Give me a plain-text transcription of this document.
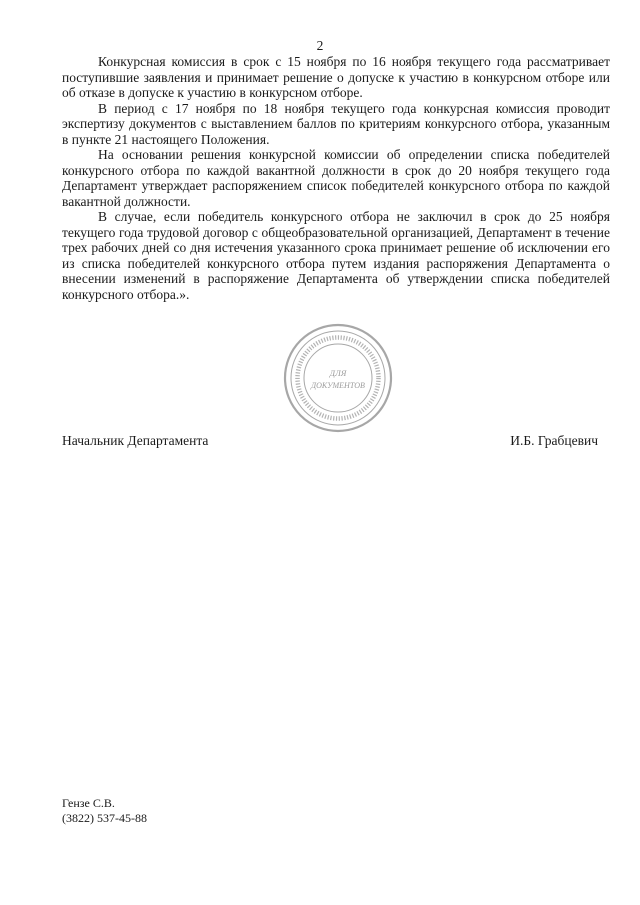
2

Конкурсная комиссия в срок с 15 ноября по 16 ноября текущего года рассматривает поступившие заявления и принимает решение о допуске к участию в конкурсном отборе или об отказе в допуске к участию в конкурсном отборе.

В период с 17 ноября по 18 ноября текущего года конкурсная комиссия проводит экспертизу документов с выставлением баллов по критериям конкурсного отбора, указанным в пункте 21 настоящего Положения.

На основании решения конкурсной комиссии об определении списка победителей конкурсного отбора по каждой вакантной должности в срок до 20 ноября текущего года Департамент утверждает распоряжением список победителей конкурсного отбора по каждой вакантной должности.

В случае, если победитель конкурсного отбора не заключил в срок до 25 ноября текущего года трудовой договор с общеобразовательной организацией, Департамент в течение трех рабочих дней со дня истечения указанного срока принимает решение об исключении его из списка победителей конкурсного отбора путем издания распоряжения Департамента о внесении изменений в распоряжение Департамента об утверждении списка победителей конкурсного отбора.».

ДЛЯ
ДОКУМЕНТОВ
Начальник Департамента	И.Б. Грабцевич
Гензе С.В.
(3822) 537-45-88
